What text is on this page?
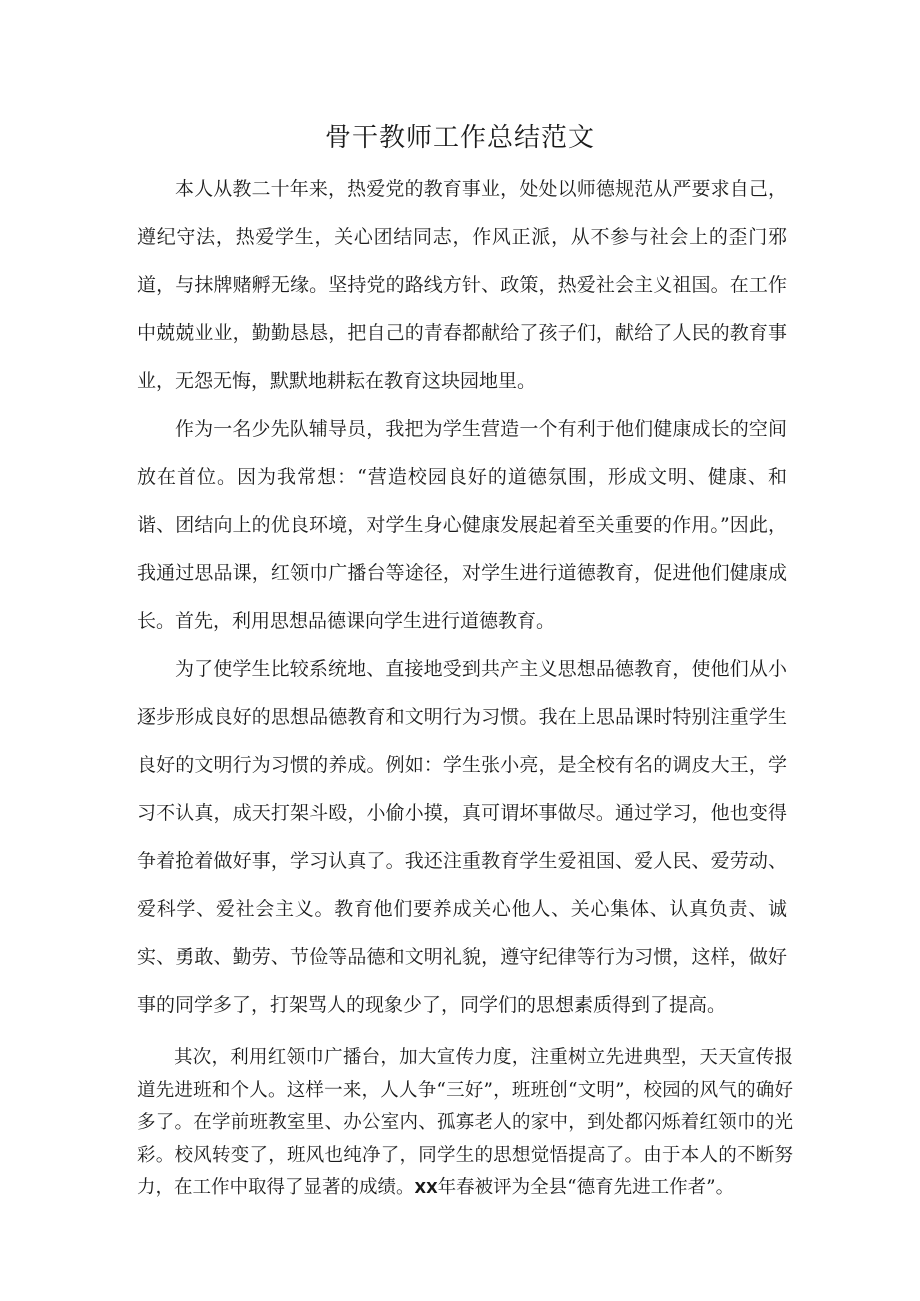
骨干教师工作总结范文

本人从教二十年来，热爱党的教育事业，处处以师德规范从严要求自己，遵纪守法，热爱学生，关心团结同志，作风正派，从不参与社会上的歪门邪道，与抹牌赌孵无缘。坚持党的路线方针、政策，热爱社会主义祖国。在工作中兢兢业业，勤勤恳恳，把自己的青春都献给了孩子们，献给了人民的教育事业，无怨无悔，默默地耕耘在教育这块园地里。

作为一名少先队辅导员，我把为学生营造一个有利于他们健康成长的空间放在首位。因为我常想：“营造校园良好的道德氛围，形成文明、健康、和谐、团结向上的优良环境，对学生身心健康发展起着至关重要的作用。”因此，我通过思品课，红领巾广播台等途径，对学生进行道德教育，促进他们健康成长。 首先，利用思想品德课向学生进行道德教育。

为了使学生比较系统地、直接地受到共产主义思想品德教育，使他们从小逐步形成良好的思想品德教育和文明行为习惯。我在上思品课时特别注重学生良好的文明行为习惯的养成。例如：学生张小亮，是全校有名的调皮大王，学习不认真，成天打架斗殴，小偷小摸，真可谓坏事做尽。通过学习，他也变得争着抢着做好事，学习认真了。我还注重教育学生爱祖国、爱人民、爱劳动、爱科学、爱社会主义。教育他们要养成关心他人、关心集体、认真负责、诚实、勇敢、勤劳、节俭等品德和文明礼貌，遵守纪律等行为习惯，这样，做好事的同学多了，打架骂人的现象少了，同学们的思想素质得到了提高。

其次，利用红领巾广播台，加大宣传力度，注重树立先进典型，天天宣传报道先进班和个人。这样一来，人人争“三好”，班班创“文明”，校园的风气的确好多了。在学前班教室里、办公室内、孤寡老人的家中，到处都闪烁着红领巾的光彩。校风转变了，班风也纯净了，同学生的思想觉悟提高了。由于本人的不断努力，在工作中取得了显著的成绩。XX年春被评为全县“德育先进工作者”。
